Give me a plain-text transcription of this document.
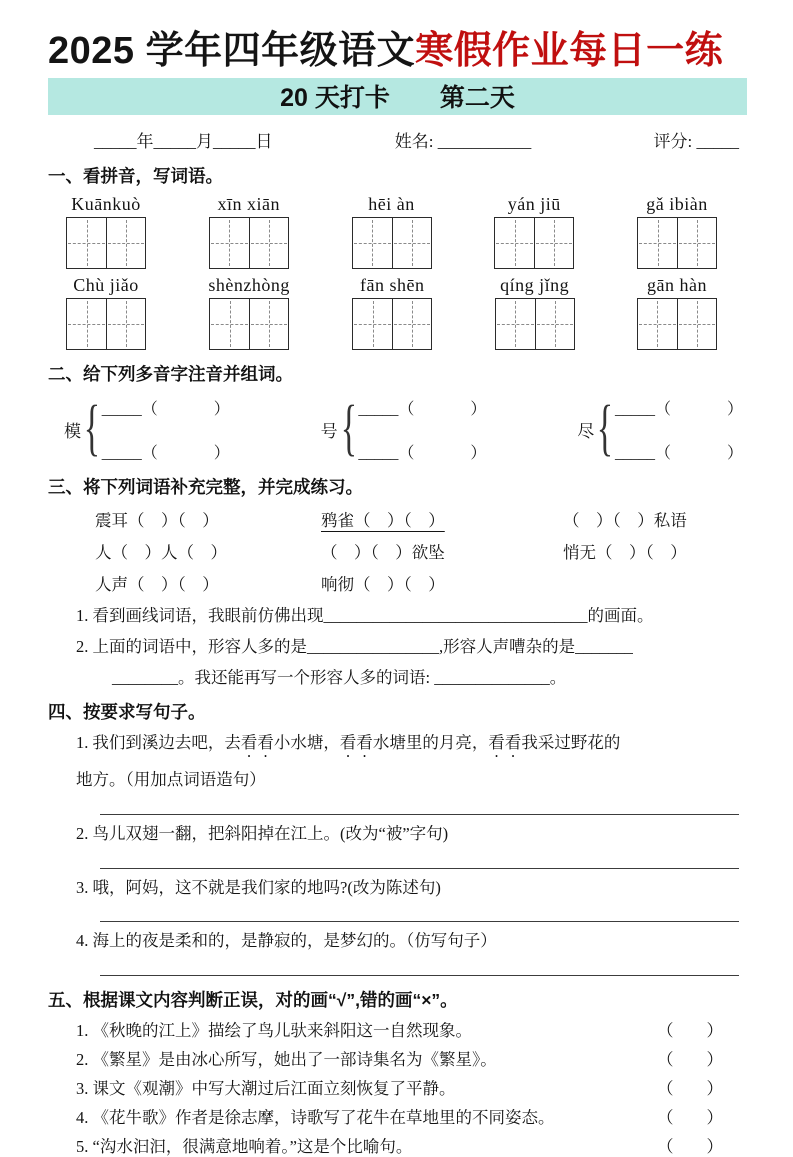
2025 学年四年级语文寒假作业每日一练
20 天打卡　　第二天
_____年_____月_____日	姓名: ___________	评分: _____
一、看拼音，写词语。
Kuānkuò	xīn xiān	hēi àn	yán jiū	gǎ ibiàn
Chù jiǎo	shènzhòng	fān shēn	qíng jǐng	gān hàn
二、给下列多音字注音并组词。
模 { _____（              ）
_____（              ）
号 { _____（              ）
_____（              ）
尽 { _____（              ）
_____（              ）
三、将下列词语补充完整，并完成练习。
震耳（　）（　）	鸦雀（　）（　）	（　）（　）私语
人（　）人（　）	（　）（　）欲坠	悄无（　）（　）
人声（　）（　）	响彻（　）（　）
1. 看到画线词语，我眼前仿佛出现________________________________的画面。
2. 上面的词语中，形容人多的是________________,形容人声嘈杂的是_______
________。我还能再写一个形容人多的词语: ______________。
四、按要求写句子。
1. 我们到溪边去吧，去看看小水塘，看看水塘里的月亮，看看我采过野花的
地方。（用加点词语造句）
2. 鸟儿双翅一翻，把斜阳掉在江上。(改为“被”字句)
3. 哦，阿妈，这不就是我们家的地吗?(改为陈述句)
4. 海上的夜是柔和的，是静寂的，是梦幻的。（仿写句子）
五、根据课文内容判断正误，对的画“√”,错的画“×”。
1. 《秋晚的江上》描绘了鸟儿驮来斜阳这一自然现象。	（　　）
2. 《繁星》是由冰心所写，她出了一部诗集名为《繁星》。	（　　）
3. 课文《观潮》中写大潮过后江面立刻恢复了平静。	（　　）
4. 《花牛歌》作者是徐志摩，诗歌写了花牛在草地里的不同姿态。	（　　）
5. “沟水汩汩，很满意地响着。”这是个比喻句。	（　　）
